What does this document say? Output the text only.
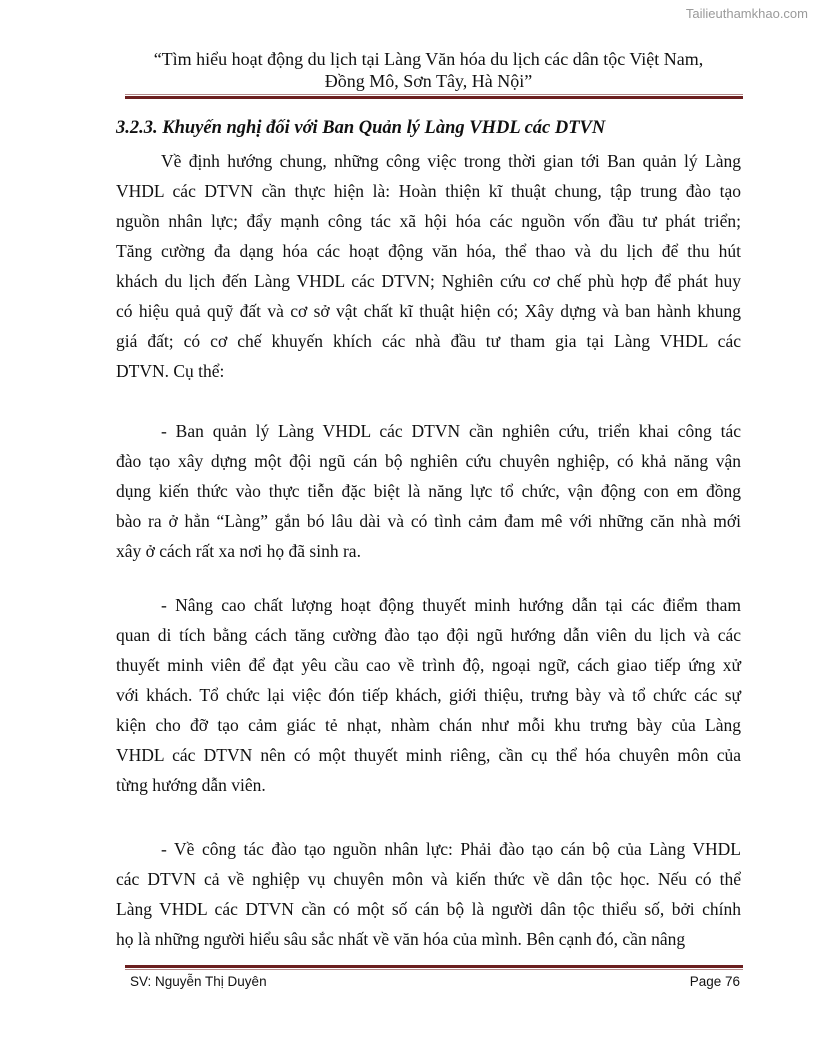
Tailieuthamkhao.com
“Tìm hiểu hoạt động du lịch tại Làng Văn hóa du lịch các dân tộc Việt Nam,
Đồng Mô, Sơn Tây, Hà Nội”
3.2.3. Khuyến nghị đối với Ban Quản lý Làng VHDL các DTVN
Về định hướng chung, những công việc trong thời gian tới Ban quản lý Làng
VHDL các DTVN cần thực hiện là: Hoàn thiện kĩ thuật chung, tập trung đào tạo
nguồn nhân lực; đẩy mạnh công tác xã hội hóa các nguồn vốn đầu tư phát triển;
Tăng cường đa dạng hóa các hoạt động văn hóa, thể thao và du lịch để thu hút
khách du lịch đến Làng VHDL các DTVN; Nghiên cứu cơ chế phù hợp để phát huy
có hiệu quả quỹ đất và cơ sở vật chất kĩ thuật hiện có; Xây dựng và ban hành khung
giá đất; có cơ chế khuyến khích các nhà đầu tư tham gia tại Làng VHDL các
DTVN. Cụ thể:
- Ban quản lý Làng VHDL các DTVN cần nghiên cứu, triển khai công tác
đào tạo xây dựng một đội ngũ cán bộ nghiên cứu chuyên nghiệp, có khả năng vận
dụng kiến thức vào thực tiễn đặc biệt là năng lực tổ chức, vận động con em đồng
bào ra ở hẳn “Làng” gắn bó lâu dài và có tình cảm đam mê với những căn nhà mới
xây ở cách rất xa nơi họ đã sinh ra.
- Nâng cao chất lượng hoạt động thuyết minh hướng dẫn tại các điểm tham
quan di tích bằng cách tăng cường đào tạo đội ngũ hướng dẫn viên du lịch và các
thuyết minh viên để đạt yêu cầu cao về trình độ, ngoại ngữ, cách giao tiếp ứng xử
với khách. Tổ chức lại việc đón tiếp khách, giới thiệu, trưng bày và tổ chức các sự
kiện cho đỡ tạo cảm giác tẻ nhạt, nhàm chán như mỗi khu trưng bày của Làng
VHDL các DTVN nên có một thuyết minh riêng, cần cụ thể hóa chuyên môn của
từng hướng dẫn viên.
- Về công tác đào tạo nguồn nhân lực: Phải đào tạo cán bộ của Làng VHDL
các DTVN cả về nghiệp vụ chuyên môn và kiến thức về dân tộc học. Nếu có thể
Làng VHDL các DTVN cần có một số cán bộ là người dân tộc thiểu số, bởi chính
họ là những người hiểu sâu sắc nhất về văn hóa của mình. Bên cạnh đó, cần nâng
SV: Nguyễn Thị Duyên	Page 76
